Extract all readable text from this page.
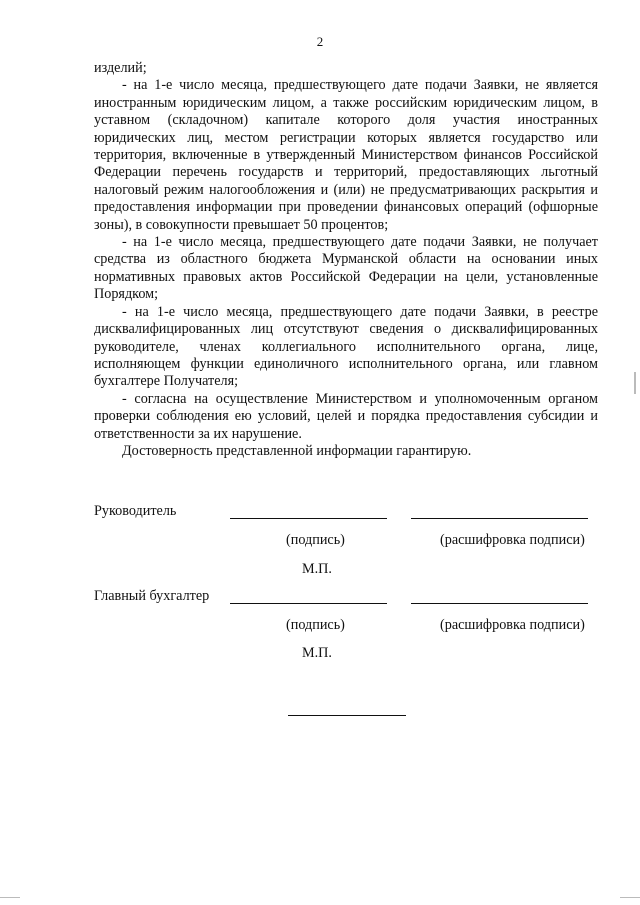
2

изделий;

- на 1-е число месяца, предшествующего дате подачи Заявки, не является иностранным юридическим лицом, а также российским юридическим лицом, в уставном (складочном) капитале которого доля участия иностранных юридических лиц, местом регистрации которых является государство или территория, включенные в утвержденный Министерством финансов Российской Федерации перечень государств и территорий, предоставляющих льготный налоговый режим налогообложения и (или) не предусматривающих раскрытия и предоставления информации при проведении финансовых операций (офшорные зоны), в совокупности превышает 50 процентов;

- на 1-е число месяца, предшествующего дате подачи Заявки, не получает средства из областного бюджета Мурманской области на основании иных нормативных правовых актов Российской Федерации на цели, установленные Порядком;

- на 1-е число месяца, предшествующего дате подачи Заявки, в реестре дисквалифицированных лиц отсутствуют сведения о дисквалифицированных руководителе, членах коллегиального исполнительного органа, лице, исполняющем функции единоличного исполнительного органа, или главном бухгалтере Получателя;

- согласна на осуществление Министерством и уполномоченным органом проверки соблюдения ею условий, целей и порядка предоставления субсидии и ответственности за их нарушение.

Достоверность представленной информации гарантирую.

Руководитель
(подпись)	(расшифровка подписи)
М.П.
Главный бухгалтер
(подпись)	(расшифровка подписи)
М.П.
